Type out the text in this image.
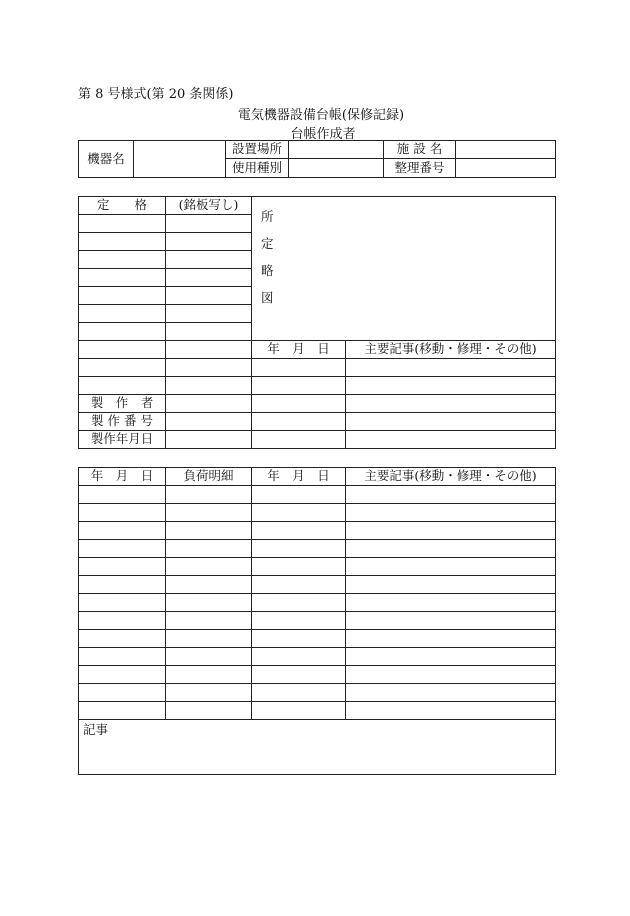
第 8 号様式(第 20 条関係)
電気機器設備台帳(保修記録)
台帳作成者
機器名		設置場所		施 設 名	
		使用種別		整理番号	
定　　格	(銘板写し)	所
定
略
図	

		年　月　日	主要記事(移動・修理・その他)

製　作　者			
製 作 番 号			
製作年月日			
年　月　日	負荷明細	年　月　日	主要記事(移動・修理・その他)

記事			
